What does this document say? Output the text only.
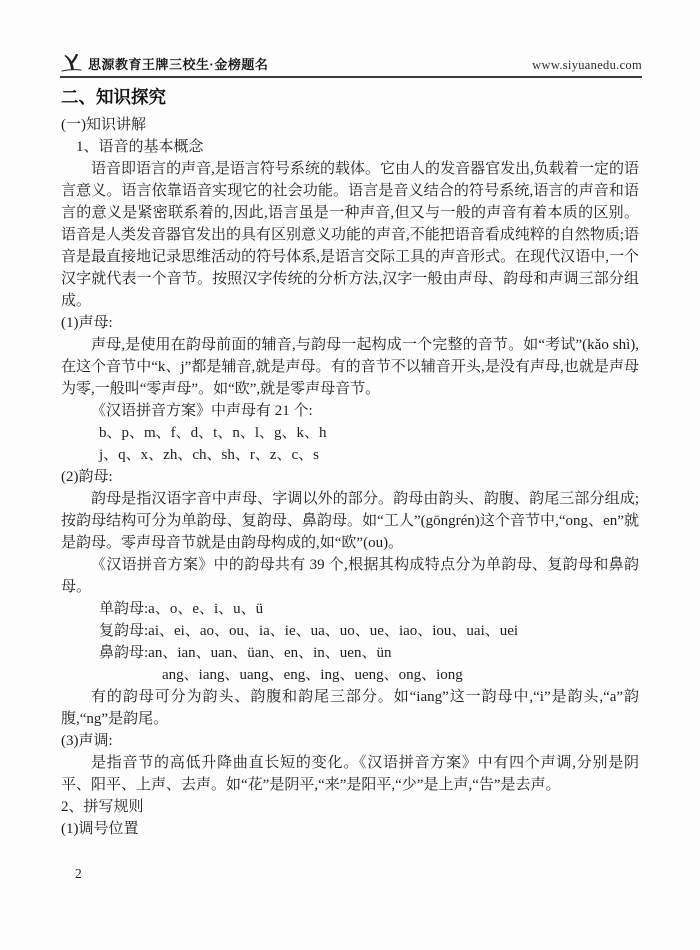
思源教育王牌三校生·金榜题名	www.siyuanedu.com
二、知识探究

(一)知识讲解

1、语音的基本概念

语音即语言的声音,是语言符号系统的载体。它由人的发音器官发出,负载着一定的语言意义。语言依靠语音实现它的社会功能。语言是音义结合的符号系统,语言的声音和语言的意义是紧密联系着的,因此,语言虽是一种声音,但又与一般的声音有着本质的区别。语音是人类发音器官发出的具有区别意义功能的声音,不能把语音看成纯粹的自然物质;语音是最直接地记录思维活动的符号体系,是语言交际工具的声音形式。在现代汉语中,一个汉字就代表一个音节。按照汉字传统的分析方法,汉字一般由声母、韵母和声调三部分组成。

(1)声母:

声母,是使用在韵母前面的辅音,与韵母一起构成一个完整的音节。如“考试”(kǎo shì),在这个音节中“k、j”都是辅音,就是声母。有的音节不以辅音开头,是没有声母,也就是声母为零,一般叫“零声母”。如“欧”,就是零声母音节。

《汉语拼音方案》中声母有 21 个:

b、p、m、f、d、t、n、l、g、k、h

j、q、x、zh、ch、sh、r、z、c、s

(2)韵母:

韵母是指汉语字音中声母、字调以外的部分。韵母由韵头、韵腹、韵尾三部分组成;按韵母结构可分为单韵母、复韵母、鼻韵母。如“工人”(gōngrén)这个音节中,“ong、en”就是韵母。零声母音节就是由韵母构成的,如“欧”(ou)。

《汉语拼音方案》中的韵母共有 39 个,根据其构成特点分为单韵母、复韵母和鼻韵母。

单韵母:a、o、e、i、u、ü

复韵母:ai、ei、ao、ou、ia、ie、ua、uo、ue、iao、iou、uai、uei

鼻韵母:an、ian、uan、üan、en、in、uen、ün

ang、iang、uang、eng、ing、ueng、ong、iong

有的韵母可分为韵头、韵腹和韵尾三部分。如“iang”这一韵母中,“i”是韵头,“a”韵腹,“ng”是韵尾。

(3)声调:

是指音节的高低升降曲直长短的变化。《汉语拼音方案》中有四个声调,分别是阴平、阳平、上声、去声。如“花”是阴平,“来”是阳平,“少”是上声,“告”是去声。

2、拼写规则

(1)调号位置

2
